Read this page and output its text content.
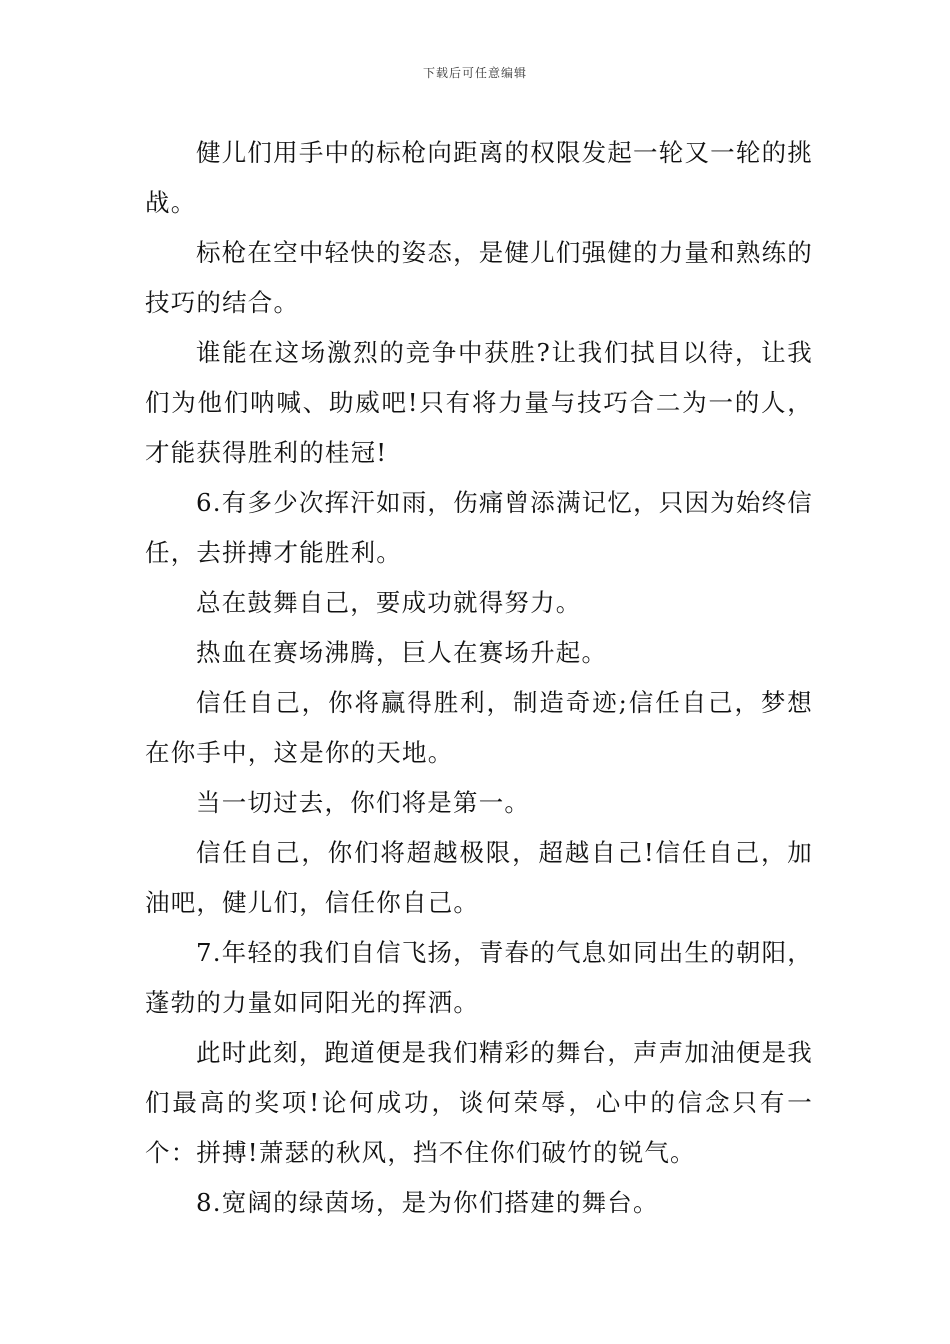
下载后可任意编辑

健儿们用手中的标枪向距离的权限发起一轮又一轮的挑战。

标枪在空中轻快的姿态，是健儿们强健的力量和熟练的技巧的结合。

谁能在这场激烈的竞争中获胜?让我们拭目以待，让我们为他们呐喊、助威吧!只有将力量与技巧合二为一的人，才能获得胜利的桂冠!

6.有多少次挥汗如雨，伤痛曾添满记忆，只因为始终信任，去拼搏才能胜利。

总在鼓舞自己，要成功就得努力。

热血在赛场沸腾，巨人在赛场升起。

信任自己，你将赢得胜利，制造奇迹;信任自己，梦想在你手中，这是你的天地。

当一切过去，你们将是第一。

信任自己，你们将超越极限，超越自己!信任自己，加油吧，健儿们，信任你自己。

7.年轻的我们自信飞扬，青春的气息如同出生的朝阳，蓬勃的力量如同阳光的挥洒。

此时此刻，跑道便是我们精彩的舞台，声声加油便是我们最高的奖项!论何成功，谈何荣辱，心中的信念只有一个：拼搏!萧瑟的秋风，挡不住你们破竹的锐气。

8.宽阔的绿茵场，是为你们搭建的舞台。
